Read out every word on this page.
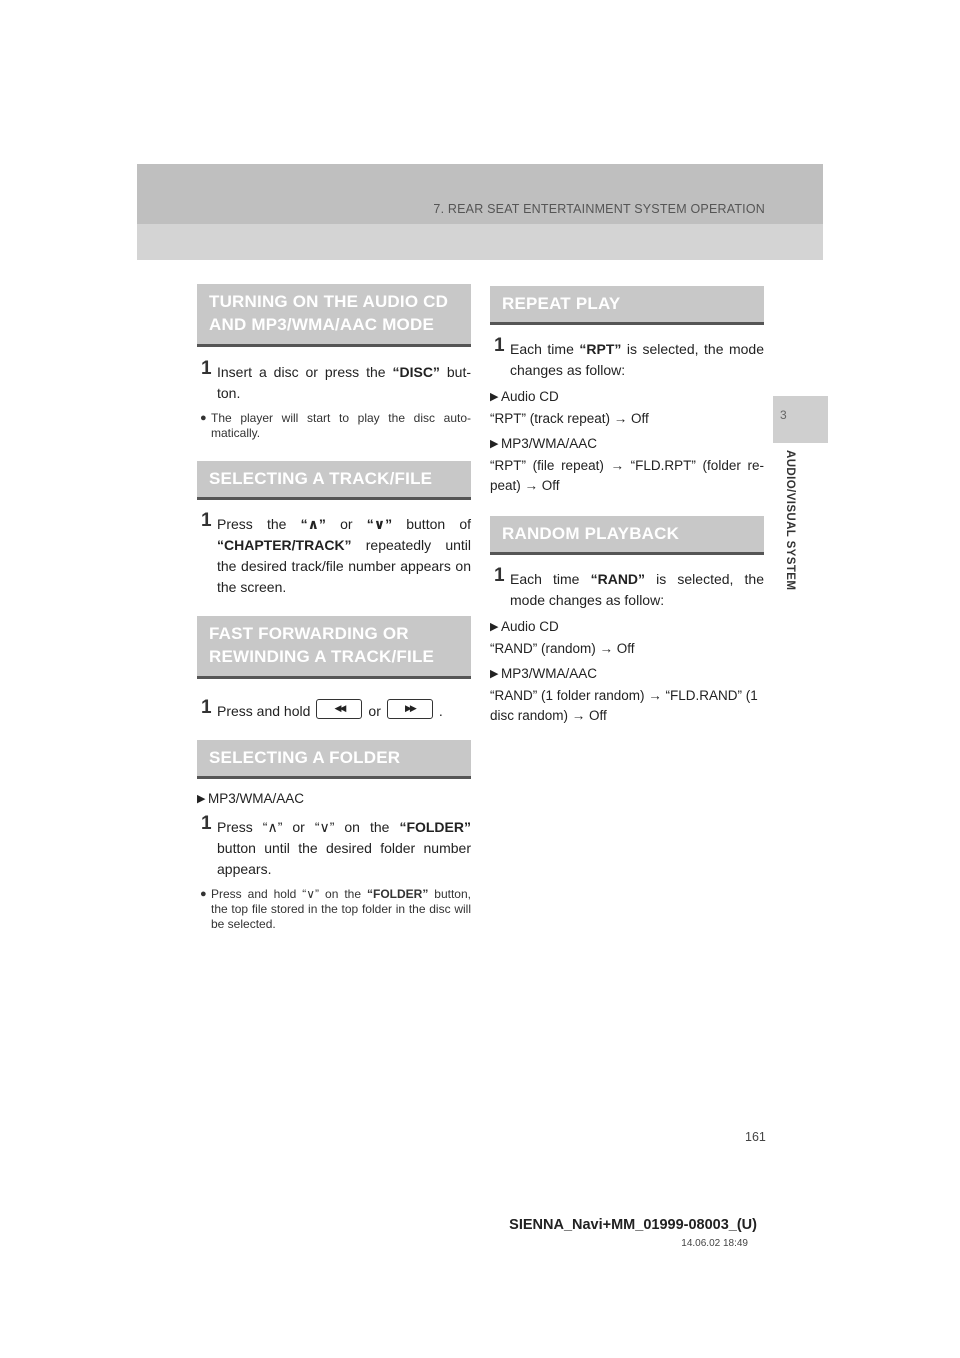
7. REAR SEAT ENTERTAINMENT SYSTEM OPERATION
3
AUDIO/VISUAL SYSTEM
TURNING ON THE AUDIO CD
AND MP3/WMA/AAC MODE
1 Insert a disc or press the “DISC” but-ton.
● The player will start to play the disc auto-matically.
SELECTING A TRACK/FILE
1 Press the “∧” or “∨” button of “CHAPTER/TRACK” repeatedly until the desired track/file number appears on the screen.
FAST FORWARDING OR
REWINDING A TRACK/FILE
1 Press and hold	◀◀	or	▶▶	.
SELECTING A FOLDER
▶ MP3/WMA/AAC
1 Press “∧” or “∨” on the “FOLDER” button until the desired folder number appears.
● Press and hold “∨” on the “FOLDER” button, the top file stored in the top folder in the disc will be selected.
REPEAT PLAY
1 Each time “RPT” is selected, the mode changes as follow:
▶ Audio CD
“RPT” (track repeat) → Off
▶ MP3/WMA/AAC
“RPT” (file repeat) → “FLD.RPT” (folder re-peat) → Off
RANDOM PLAYBACK
1 Each time “RAND” is selected, the mode changes as follow:
▶ Audio CD
“RAND” (random) → Off
▶ MP3/WMA/AAC
“RAND” (1 folder random) → “FLD.RAND” (1 disc random) → Off
161
SIENNA_Navi+MM_01999-08003_(U)
14.06.02 18:49
